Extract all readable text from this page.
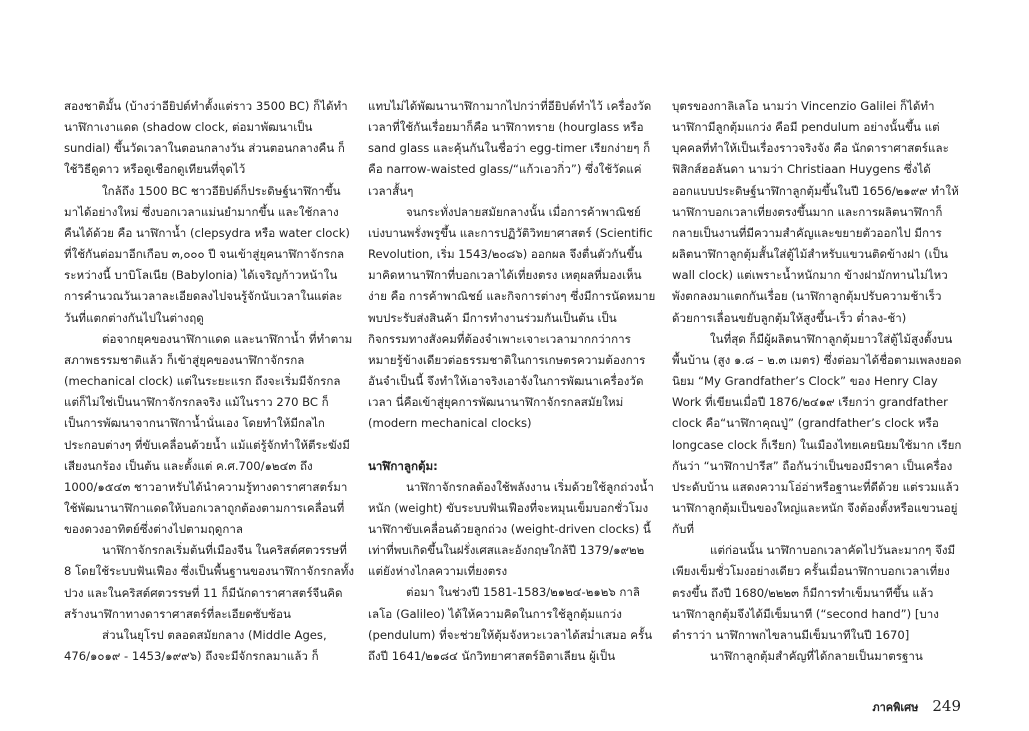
สองชาติมั้น (บ้างว่าอียิปต์ทำตั้งแต่ราว 3500 BC) ก็ได้ทำนาฬิกาเงาแดด (shadow clock, ต่อมาพัฒนาเป็น sundial) ขึ้นวัดเวลาในตอนกลางวัน ส่วนตอนกลางคืน ก็ใช้วิธีดูดาว หรือดูเชือกดูเทียนที่จุดไว้

ใกล้ถึง 1500 BC ชาวอียิปต์ก็ประดิษฐ์นาฬิกาขึ้นมาได้อย่างใหม่ ซึ่งบอกเวลาแม่นยำมากขึ้น และใช้กลางคืนได้ด้วย คือ นาฬิกาน้ำ (clepsydra หรือ water clock) ที่ใช้กันต่อมาอีกเกือบ ๓,๐๐๐ ปี จนเข้าสู่ยุคนาฬิกาจักรกล ระหว่างนี้ บาบิโลเนีย (Babylonia) ได้เจริญก้าวหน้าในการคำนวณวันเวลาละเอียดลงไปจนรู้จักนับเวลาในแต่ละวันที่แตกต่างกันไปในต่างฤดู

ต่อจากยุคของนาฬิกาแดด และนาฬิกาน้ำ ที่ทำตามสภาพธรรมชาติแล้ว ก็เข้าสู่ยุคของนาฬิกาจักรกล (mechanical clock) แต่ในระยะแรก ถึงจะเริ่มมีจักรกลแต่ก็ไม่ใช่เป็นนาฬิกาจักรกลจริง แม้ในราว 270 BC ก็เป็นการพัฒนาจากนาฬิกาน้ำนั่นเอง โดยทำให้มีกลไกประกอบต่างๆ ที่ขับเคลื่อนด้วยน้ำ แม้แต่รู้จักทำให้ตีระฆังมีเสียงนกร้อง เป็นต้น และตั้งแต่ ค.ศ.700/๑๒๔๓ ถึง 1000/๑๕๔๓ ชาวอาหรับได้นำความรู้ทางดาราศาสตร์มาใช้พัฒนานาฬิกาแดดให้บอกเวลาถูกต้องตามการเคลื่อนที่ของดวงอาทิตย์ซึ่งต่างไปตามฤดูกาล

นาฬิกาจักรกลเริ่มต้นที่เมืองจีน ในคริสต์ศตวรรษที่ 8 โดยใช้ระบบฟันเฟือง ซึ่งเป็นพื้นฐานของนาฬิกาจักรกลทั้งปวง และในคริสต์ศตวรรษที่ 11 ก็มีนักดาราศาสตร์จีนคิดสร้างนาฬิกาทางดาราศาสตร์ที่ละเอียดซับซ้อน

ส่วนในยุโรป ตลอดสมัยกลาง (Middle Ages, 476/๑๐๑๙ - 1453/๑๙๙๖) ถึงจะมีจักรกลมาแล้ว ก็

แทบไม่ได้พัฒนานาฬิกามากไปกว่าที่อียิปต์ทำไว้ เครื่องวัดเวลาที่ใช้กันเรื่อยมาก็คือ นาฬิกาทราย (hourglass หรือ sand glass และคุ้นกันในชื่อว่า egg-timer เรียกง่ายๆ ก็คือ narrow-waisted glass/“แก้วเอวกิ่ว”) ซึ่งใช้วัดแค่เวลาสั้นๆ

จนกระทั่งปลายสมัยกลางนั้น เมื่อการค้าพาณิชย์เบ่งบานพรั่งพรูขึ้น และการปฏิวัติวิทยาศาสตร์ (Scientific Revolution, เริ่ม 1543/๒๐๘๖) ออกผล จึงตื่นตัวกันขึ้นมาคิดหานาฬิกาที่บอกเวลาได้เที่ยงตรง เหตุผลที่มองเห็นง่าย คือ การค้าพาณิชย์ และกิจการต่างๆ ซึ่งมีการนัดหมายพบประรับส่งสินค้า มีการทำงานร่วมกันเป็นต้น เป็นกิจกรรมทางสังคมที่ต้องจำเพาะเจาะเวลามากกว่าการหมายรู้ข้างเดียวต่อธรรมชาติในการเกษตรความต้องการอันจำเป็นนี้ จึงทำให้เอาจริงเอาจังในการพัฒนาเครื่องวัดเวลา นี่คือเข้าสู่ยุคการพัฒนานาฬิกาจักรกลสมัยใหม่ (modern mechanical clocks)

นาฬิกาลูกตุ้ม:

นาฬิกาจักรกลต้องใช้พลังงาน เริ่มด้วยใช้ลูกถ่วงน้ำหนัก (weight) ขับระบบฟันเฟืองที่จะหมุนเข็มบอกชั่วโมง นาฬิกาขับเคลื่อนด้วยลูกถ่วง (weight-driven clocks) นี้ เท่าที่พบเกิดขึ้นในฝรั่งเศสและอังกฤษใกล้ปี 1379/๑๙๒๒ แต่ยังห่างไกลความเที่ยงตรง

ต่อมา ในช่วงปี 1581-1583/๒๑๒๔-๒๑๒๖ กาลิเลโอ (Galileo) ได้ให้ความคิดในการใช้ลูกตุ้มแกว่ง (pendulum) ที่จะช่วยให้ตุ้มจังหวะเวลาได้สม่ำเสมอ ครั้นถึงปี 1641/๒๑๘๔ นักวิทยาศาสตร์อิตาเลียน ผู้เป็น

บุตรของกาลิเลโอ นามว่า Vincenzio Galilei ก็ได้ทำนาฬิกามีลูกตุ้มแกว่ง คือมี pendulum อย่างนั้นขึ้น แต่บุคคลที่ทำให้เป็นเรื่องราวจริงจัง คือ นักดาราศาสตร์และฟิสิกส์ฮอลันดา นามว่า Christiaan Huygens ซึ่งได้ออกแบบประดิษฐ์นาฬิกาลูกตุ้มขึ้นในปี 1656/๒๑๙๙ ทำให้นาฬิกาบอกเวลาเที่ยงตรงขึ้นมาก และการผลิตนาฬิกาก็กลายเป็นงานที่มีความสำคัญและขยายตัวออกไป มีการผลิตนาฬิกาลูกตุ้มสั้นใส่ตู้ไม้สำหรับแขวนติดข้างฝา (เป็น wall clock) แต่เพราะน้ำหนักมาก ข้างฝามักทานไม่ไหว พังตกลงมาแตกกันเรื่อย (นาฬิกาลูกตุ้มปรับความช้าเร็วด้วยการเลื่อนขยับลูกตุ้มให้สูงขึ้น-เร็ว ต่ำลง-ช้า)

ในที่สุด ก็มีผู้ผลิตนาฬิกาลูกตุ้มยาวใส่ตู้ไม้สูงตั้งบนพื้นบ้าน (สูง ๑.๘ – ๒.๓ เมตร) ซึ่งต่อมาได้ชื่อตามเพลงยอดนิยม “My Grandfather’s Clock” ของ Henry Clay Work ที่เขียนเมื่อปี 1876/๒๔๑๙ เรียกว่า grandfather clock คือ“นาฬิกาคุณปู่” (grandfather’s clock หรือ longcase clock ก็เรียก) ในเมืองไทยเคยนิยมใช้มาก เรียกกันว่า “นาฬิกาปารีส” ถือกันว่าเป็นของมีราคา เป็นเครื่องประดับบ้าน แสดงความโอ่อ่าหรือฐานะที่ดีด้วย แต่รวมแล้ว นาฬิกาลูกตุ้มเป็นของใหญ่และหนัก จึงต้องตั้งหรือแขวนอยู่กับที่

แต่ก่อนนั้น นาฬิกาบอกเวลาคัดไปวันละมากๆ จึงมีเพียงเข็มชั่วโมงอย่างเดียว ครั้นเมื่อนาฬิกาบอกเวลาเที่ยงตรงขึ้น ถึงปี 1680/๒๒๒๓ ก็มีการทำเข็มนาทีขึ้น แล้วนาฬิกาลูกตุ้มจึงได้มีเข็มนาที (“second hand”) [บางตำราว่า นาฬิกาพกไขลานมีเข็มนาทีในปี 1670]

นาฬิกาลูกตุ้มสำคัญที่ได้กลายเป็นมาตรฐาน

ภาคพิเศษ 249
